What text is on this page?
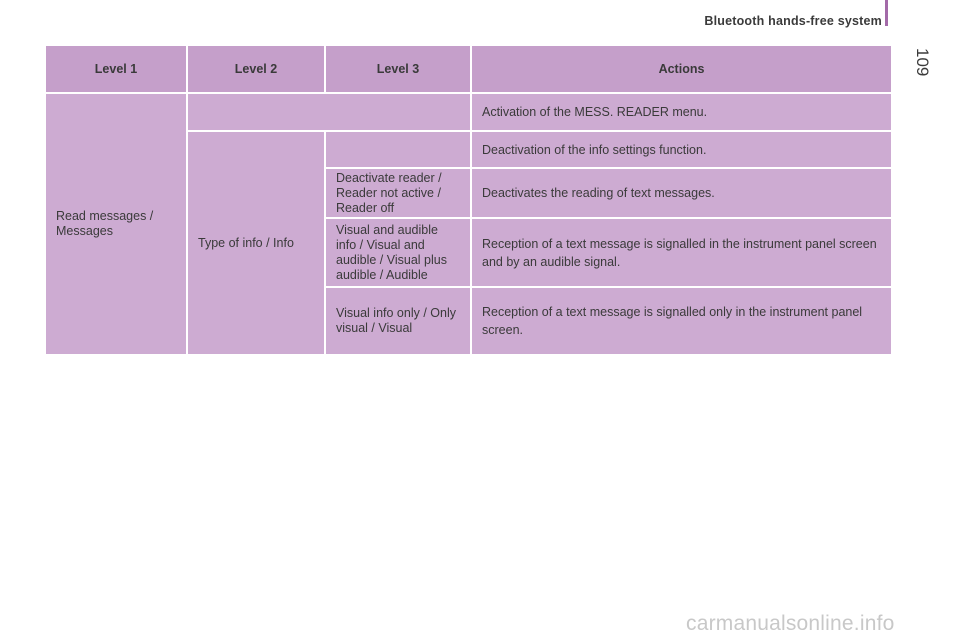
Bluetooth hands-free system
109
Level 1	Level 2	Level 3	Actions
Read messages / Messages			Activation of the MESS. READER menu.
	Type of info / Info		Deactivation of the info settings function.
		Deactivate reader / Reader not active / Reader off	Deactivates the reading of text messages.
		Visual and audible info / Visual and audible / Visual plus audible / Audible	Reception of a text message is signalled in the instrument panel screen and by an audible signal.
		Visual info only / Only visual / Visual	Reception of a text message is signalled only in the instrument panel screen.
carmanualsonline.info
